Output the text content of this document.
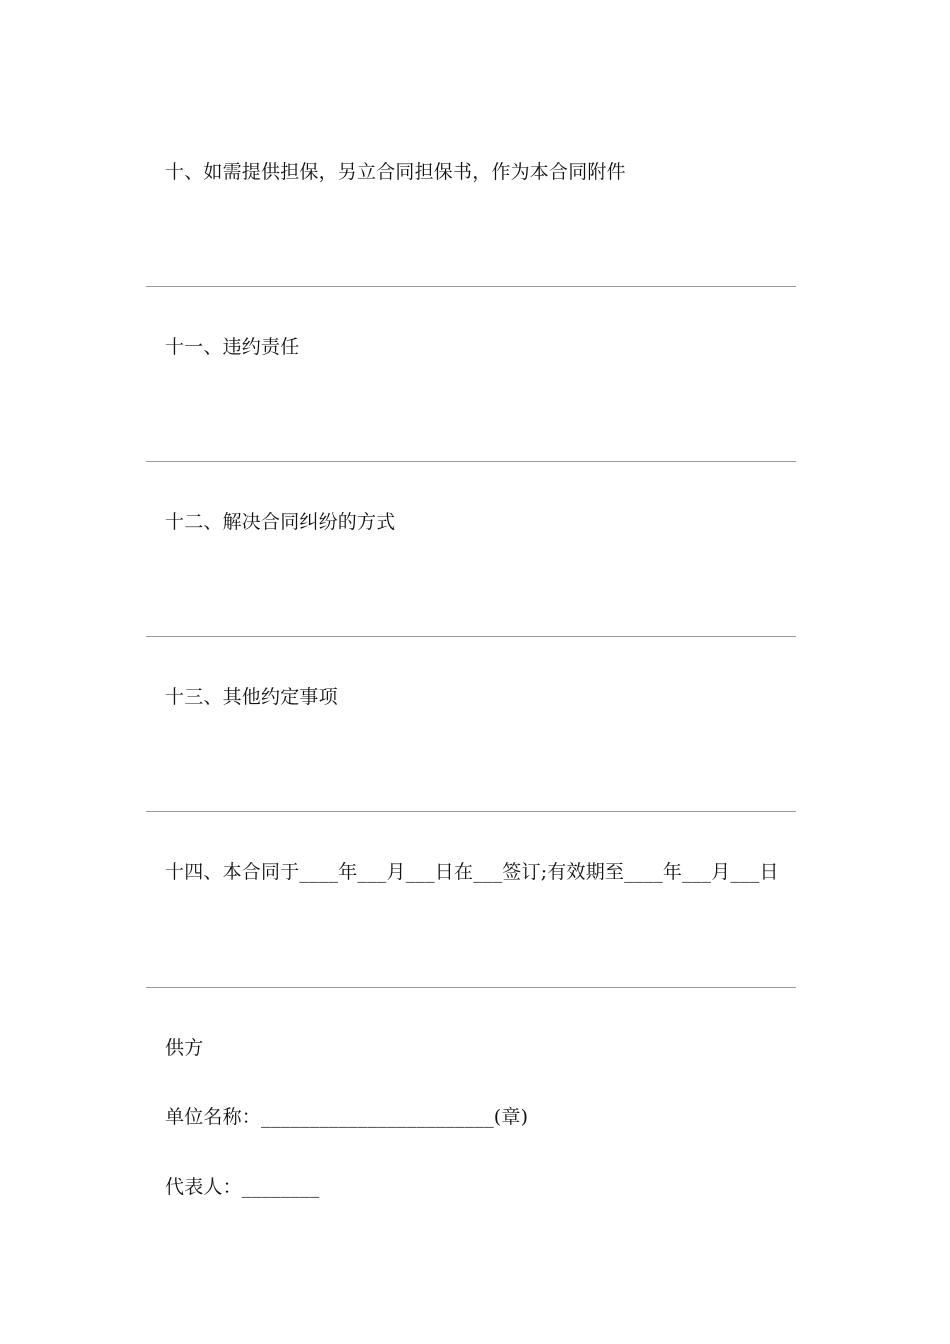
十、如需提供担保，另立合同担保书，作为本合同附件
十一、违约责任
十二、解决合同纠纷的方式
十三、其他约定事项
十四、本合同于____年___月___日在___签订;有效期至____年___月___日
供方
单位名称：________________________(章)
代表人：________
